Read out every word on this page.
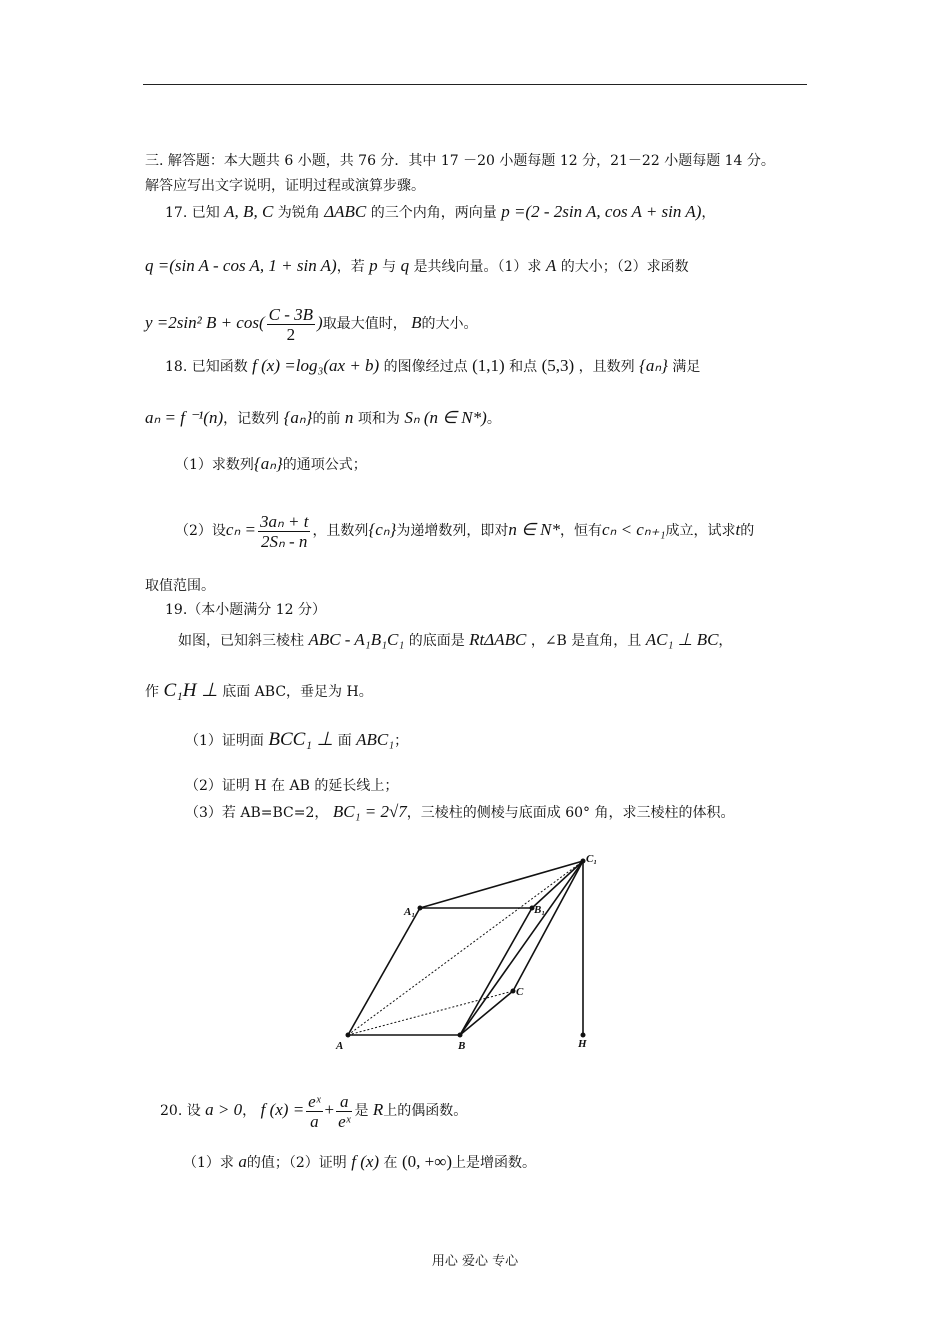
三. 解答题：本大题共 6 小题，共 76 分．其中 17 －20 小题每题 12 分，21－22 小题每题 14 分。
解答应写出文字说明，证明过程或演算步骤。
17. 已知 A, B, C 为锐角 ΔABC 的三个内角，两向量 p =(2 - 2sin A, cos A + sin A)，
q =(sin A - cos A, 1 + sin A)，若 p 与 q 是共线向量。（1）求 A 的大小；（2）求函数
y =2sin² $B + \cos( \frac{C - 3B}{2}$ )取最大值时， B的大小。
18. 已知函数 f (x) =log₃(ax + b) 的图像经过点 (1,1) 和点 (5,3) ，且数列 {aₙ} 满足
aₙ = f ⁻¹(n)，记数列 {aₙ}的前 n 项和为 Sₙ (n ∈ N*)。
（1）求数列{aₙ}的通项公式；
（2）设$c_n = \frac{\text{3aₙ + t}}{\text{2Sₙ - n}}$ ，且数列{cₙ}为递增数列，即对n ∈ N*，恒有cₙ < cₙ₊₁成立，试求t的
取值范围。
19.（本小题满分 12 分）
如图，已知斜三棱柱 ABC - A₁B₁C₁ 的底面是 RtΔABC ，∠B 是直角，且 AC₁ ⊥ BC，
作 C₁H ⊥ 底面 ABC，垂足为 H。
（1）证明面 BCC₁ ⊥ 面 ABC₁；
（2）证明 H 在 AB 的延长线上；
（3）若 AB=BC=2， BC₁ = 2√7，三棱柱的侧棱与底面成 60° 角，求三棱柱的体积。
A	B
C
A₁	B₁
C₁
H
20. 设 a > 0， f $(x) = \frac{\text{eˣ}}{a} + \frac{a}{\text{eˣ}}$ 是 R上的偶函数。
（1）求 a的值；（2）证明 f (x) 在 (0, +∞)上是增函数。
用心 爱心 专心
